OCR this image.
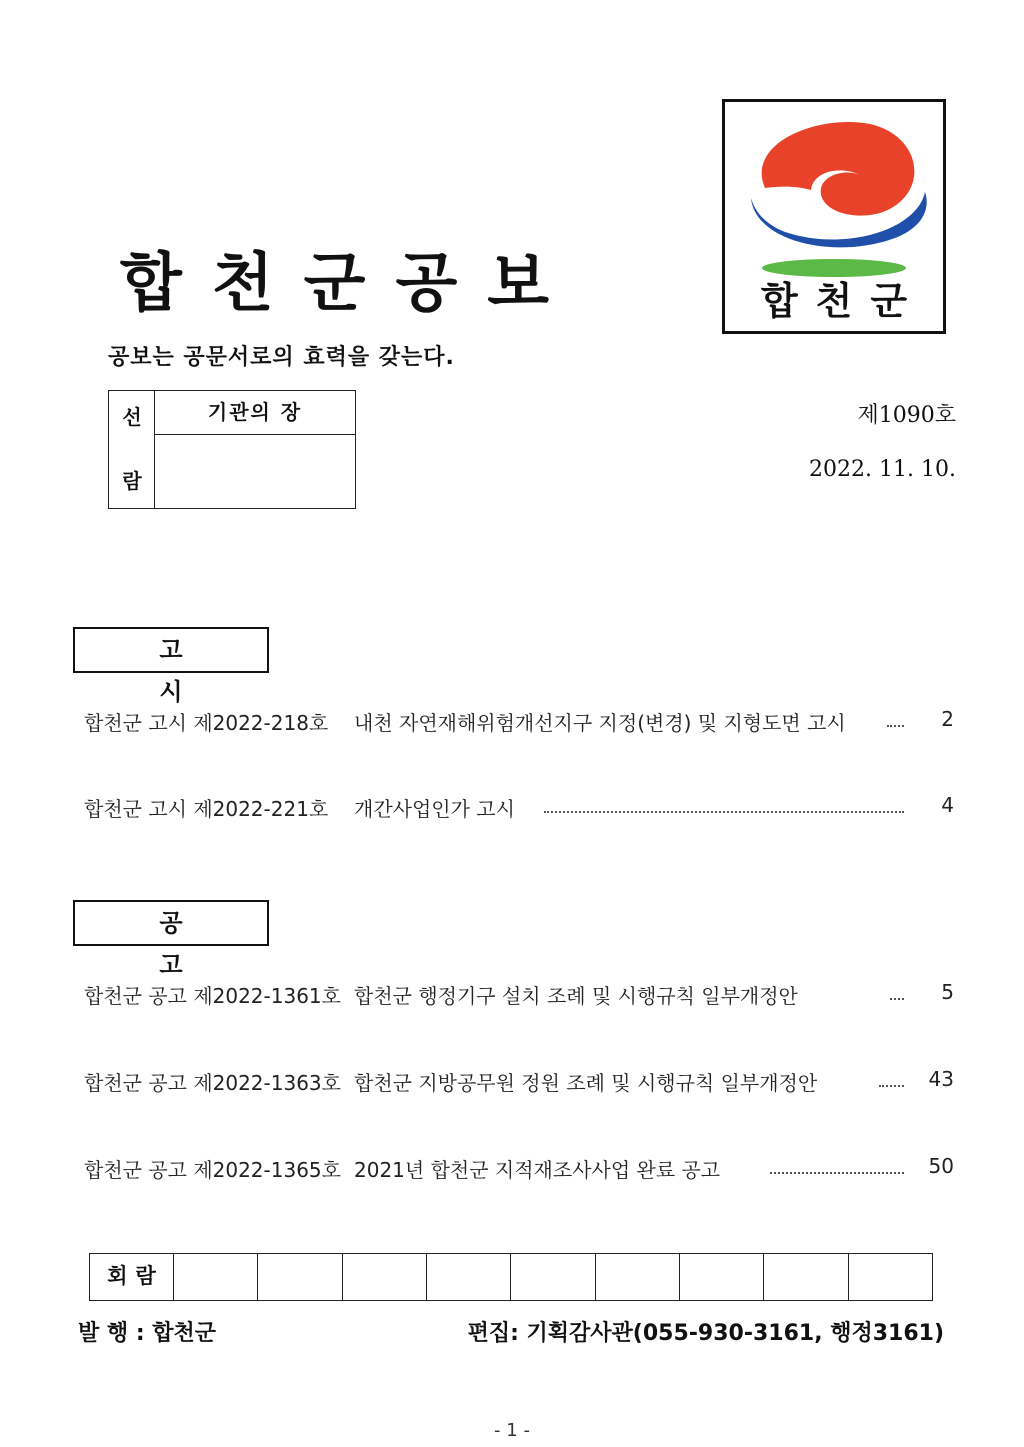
합천군공보
공보는 공문서로의 효력을 갖는다.
합천군
선
람
기관의 장	제1090호
2022. 11. 10.
고 시
합천군 고시 제2022-218호 내천 자연재해위험개선지구 지정(변경) 및 지형도면 고시	2
합천군 고시 제2022-221호 개간사업인가 고시	4
공 고
합천군 공고 제2022-1361호 합천군 행정기구 설치 조례 및 시행규칙 일부개정안	5
합천군 공고 제2022-1363호 합천군 지방공무원 정원 조례 및 시행규칙 일부개정안	43
합천군 공고 제2022-1365호 2021년 합천군 지적재조사사업 완료 공고	50
회람
발 행 : 합천군	편집: 기획감사관(055-930-3161, 행정3161)
- 1 -
